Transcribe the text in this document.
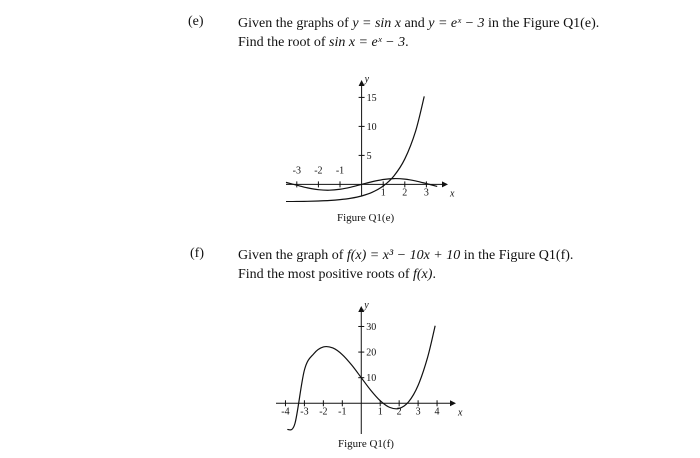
(e) Given the graphs of y = sin x and y = eˣ − 3 in the Figure Q1(e).
Find the root of sin x = eˣ − 3.
x
y
-3 -2 -1
1 2 3
5
10
15
Figure Q1(e)
(f) Given the graph of f(x) = x³ − 10x + 10 in the Figure Q1(f).
Find the most positive roots of f(x).
x
y
-4 -3 -2 -1	1 2 3 4
10
20
30
Figure Q1(f)
